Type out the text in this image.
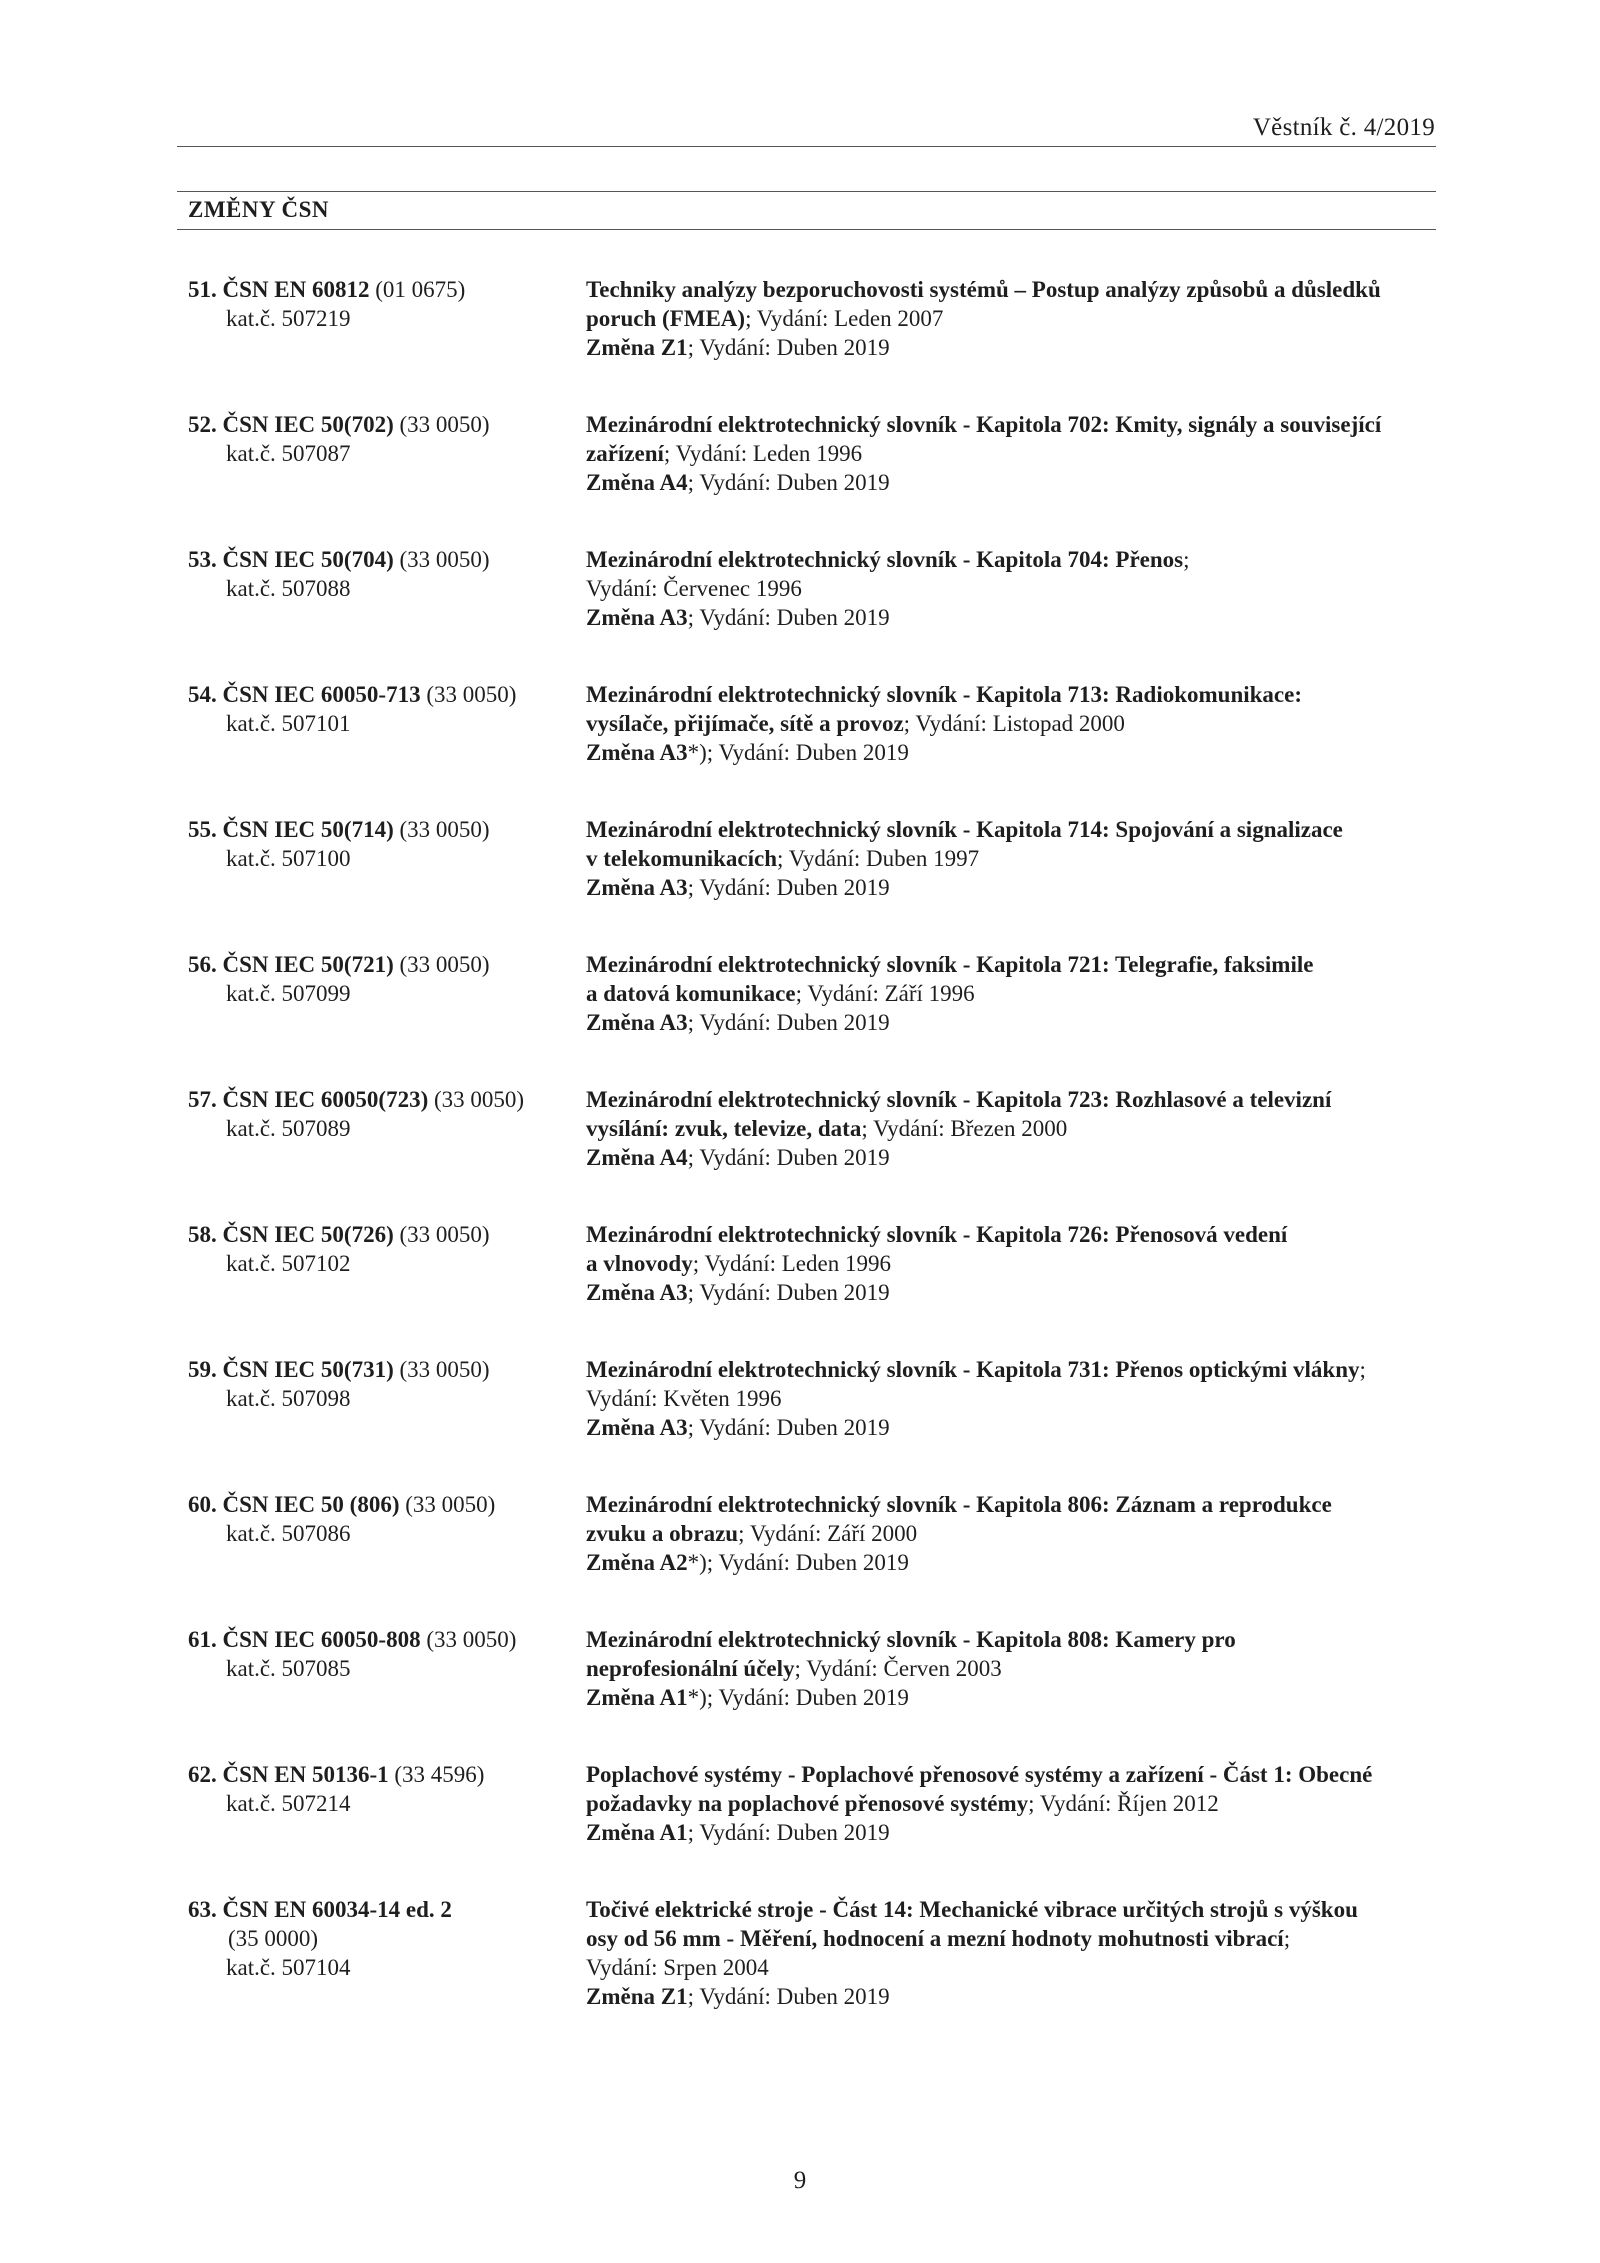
Věstník č. 4/2019
ZMĚNY ČSN
51. ČSN EN 60812 (01 0675)
kat.č. 507219
Techniky analýzy bezporuchovosti systémů – Postup analýzy způsobů a důsledků
poruch (FMEA); Vydání: Leden 2007
Změna Z1; Vydání: Duben 2019
52. ČSN IEC 50(702) (33 0050)
kat.č. 507087
Mezinárodní elektrotechnický slovník - Kapitola 702: Kmity, signály a související
zařízení; Vydání: Leden 1996
Změna A4; Vydání: Duben 2019
53. ČSN IEC 50(704) (33 0050)
kat.č. 507088
Mezinárodní elektrotechnický slovník - Kapitola 704: Přenos;
Vydání: Červenec 1996
Změna A3; Vydání: Duben 2019
54. ČSN IEC 60050-713 (33 0050)
kat.č. 507101
Mezinárodní elektrotechnický slovník - Kapitola 713: Radiokomunikace:
vysílače, přijímače, sítě a provoz; Vydání: Listopad 2000
Změna A3*); Vydání: Duben 2019
55. ČSN IEC 50(714) (33 0050)
kat.č. 507100
Mezinárodní elektrotechnický slovník - Kapitola 714: Spojování a signalizace
v telekomunikacích; Vydání: Duben 1997
Změna A3; Vydání: Duben 2019
56. ČSN IEC 50(721) (33 0050)
kat.č. 507099
Mezinárodní elektrotechnický slovník - Kapitola 721: Telegrafie, faksimile
a datová komunikace; Vydání: Září 1996
Změna A3; Vydání: Duben 2019
57. ČSN IEC 60050(723) (33 0050)
kat.č. 507089
Mezinárodní elektrotechnický slovník - Kapitola 723: Rozhlasové a televizní
vysílání: zvuk, televize, data; Vydání: Březen 2000
Změna A4; Vydání: Duben 2019
58. ČSN IEC 50(726) (33 0050)
kat.č. 507102
Mezinárodní elektrotechnický slovník - Kapitola 726: Přenosová vedení
a vlnovody; Vydání: Leden 1996
Změna A3; Vydání: Duben 2019
59. ČSN IEC 50(731) (33 0050)
kat.č. 507098
Mezinárodní elektrotechnický slovník - Kapitola 731: Přenos optickými vlákny;
Vydání: Květen 1996
Změna A3; Vydání: Duben 2019
60. ČSN IEC 50 (806) (33 0050)
kat.č. 507086
Mezinárodní elektrotechnický slovník - Kapitola 806: Záznam a reprodukce
zvuku a obrazu; Vydání: Září 2000
Změna A2*); Vydání: Duben 2019
61. ČSN IEC 60050-808 (33 0050)
kat.č. 507085
Mezinárodní elektrotechnický slovník - Kapitola 808: Kamery pro
neprofesionální účely; Vydání: Červen 2003
Změna A1*); Vydání: Duben 2019
62. ČSN EN 50136-1 (33 4596)
kat.č. 507214
Poplachové systémy - Poplachové přenosové systémy a zařízení - Část 1: Obecné
požadavky na poplachové přenosové systémy; Vydání: Říjen 2012
Změna A1; Vydání: Duben 2019
63. ČSN EN 60034-14 ed. 2
(35 0000)
kat.č. 507104
Točivé elektrické stroje - Část 14: Mechanické vibrace určitých strojů s výškou
osy od 56 mm - Měření, hodnocení a mezní hodnoty mohutnosti vibrací;
Vydání: Srpen 2004
Změna Z1; Vydání: Duben 2019
9
